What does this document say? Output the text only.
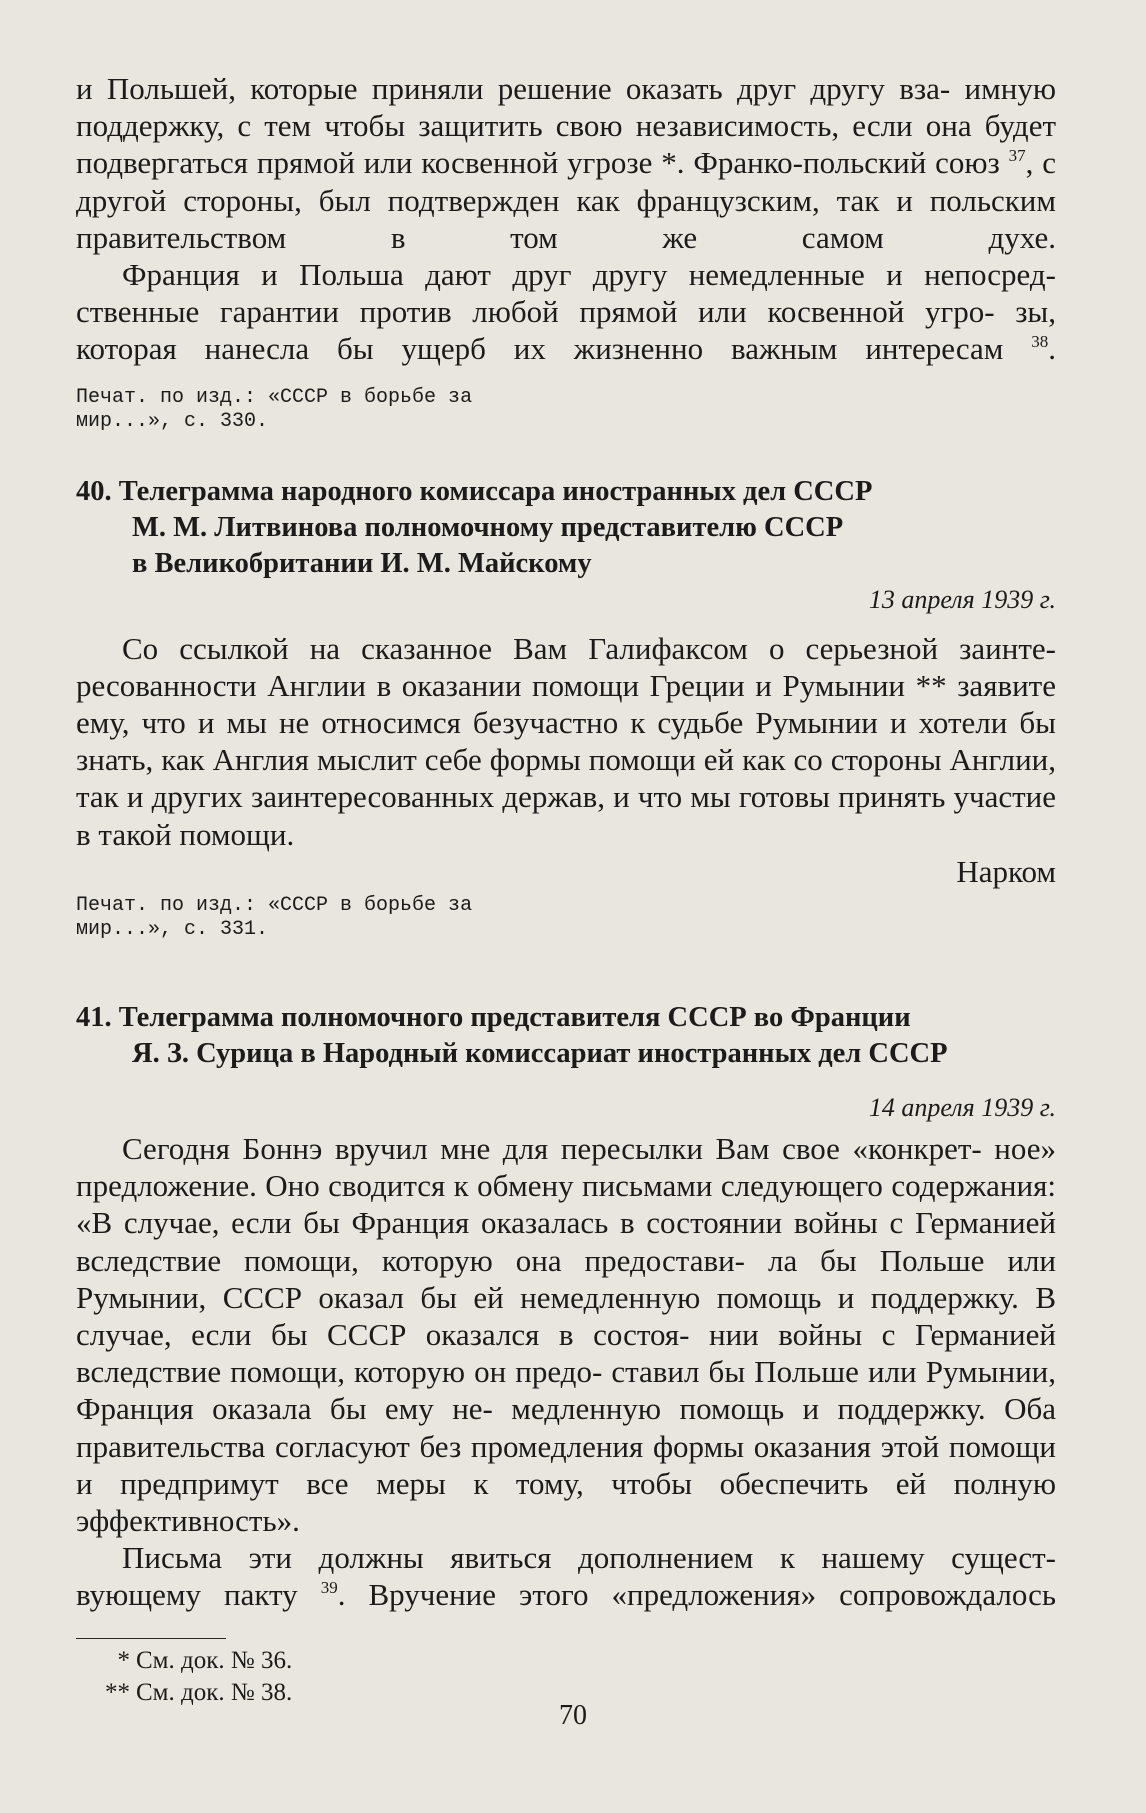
и Польшей, которые приняли решение оказать друг другу вза- имную поддержку, с тем чтобы защитить свою независимость, если она будет подвергаться прямой или косвенной угрозе *. Франко-польский союз $^{37}$, с другой стороны, был подтвержден как французским, так и польским правительством в том же самом	духе.

Франция и Польша дают друг другу немедленные и непосред- ственные гарантии против любой прямой или косвенной угро- зы, которая нанесла бы ущерб их жизненно важным интересам $^{38}$.

Печат. по изд.: «СССР в борьбе за
мир...», с. 330.
40. Телеграмма народного комиссара иностранных дел СССР
М. М. Литвинова полномочному представителю СССР
в Великобритании И. М. Майскому
13 апреля 1939 г.

Со ссылкой на сказанное Вам Галифаксом о серьезной заинте- ресованности Англии в оказании помощи Греции и Румынии ** заявите ему, что и мы не относимся безучастно к судьбе Румынии и хотели бы знать, как Англия мыслит себе формы помощи ей как со стороны Англии, так и других заинтересованных держав, и что мы готовы принять участие в такой помощи.

Нарком
Печат. по изд.: «СССР в борьбе за
мир...», с. 331.
41. Телеграмма полномочного представителя СССР во Франции
Я. З. Сурица в Народный комиссариат иностранных дел СССР
14 апреля 1939 г.

Сегодня Боннэ вручил мне для пересылки Вам свое «конкрет- ное» предложение. Оно сводится к обмену письмами следующего содержания: «В случае, если бы Франция оказалась в состоянии войны с Германией вследствие помощи, которую она предостави- ла бы Польше или Румынии, СССР оказал бы ей немедленную помощь и поддержку. В случае, если бы СССР оказался в состоя- нии войны с Германией вследствие помощи, которую он предо- ставил бы Польше или Румынии, Франция оказала бы ему не- медленную помощь и поддержку. Оба правительства согласуют без промедления формы оказания этой помощи и предпримут все меры к тому, чтобы обеспечить ей полную эффективность».

Письма эти должны явиться дополнением к нашему сущест- вующему пакту $^{39}$. Вручение этого «предложения» сопровождалось

* См. док. № 36.

** См. док. № 38.

70
